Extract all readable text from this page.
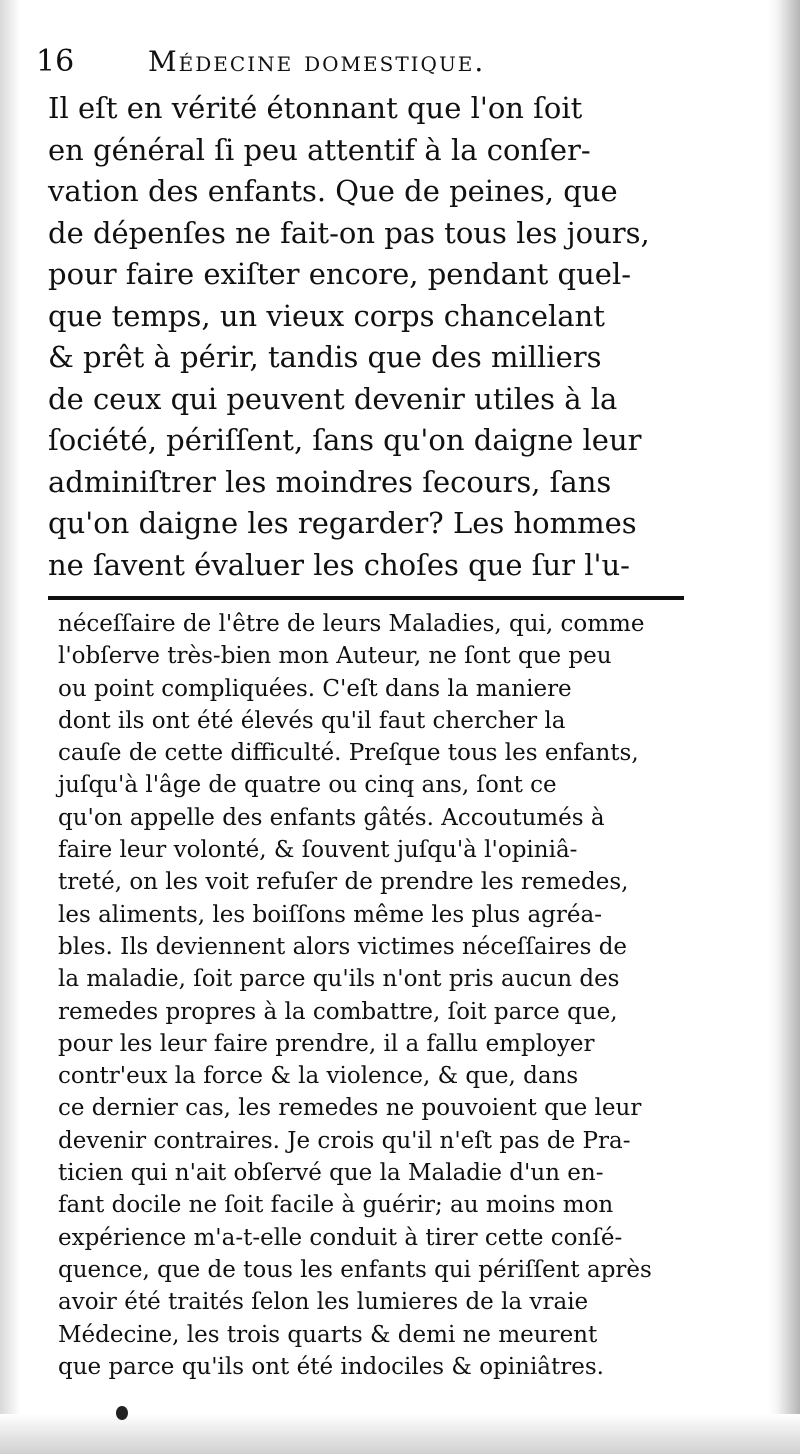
16	Médecine domestique.
Il eſt en vérité étonnant que l'on ſoit
en général ſi peu attentif à la conſer-
vation des enfants. Que de peines, que
de dépenſes ne fait-on pas tous les jours,
pour faire exiſter encore, pendant quel-
que temps, un vieux corps chancelant
& prêt à périr, tandis que des milliers
de ceux qui peuvent devenir utiles à la
ſociété, périſſent, ſans qu'on daigne leur
adminiſtrer les moindres ſecours, ſans
qu'on daigne les regarder? Les hommes
ne ſavent évaluer les choſes que ſur l'u-
néceſſaire de l'être de leurs Maladies, qui, comme
l'obſerve très-bien mon Auteur, ne ſont que peu
ou point compliquées. C'eſt dans la maniere
dont ils ont été élevés qu'il faut chercher la
cauſe de cette difficulté. Preſque tous les enfants,
juſqu'à l'âge de quatre ou cinq ans, ſont ce
qu'on appelle des enfants gâtés. Accoutumés à
faire leur volonté, & ſouvent juſqu'à l'opiniâ-
treté, on les voit refuſer de prendre les remedes,
les aliments, les boiſſons même les plus agréa-
bles. Ils deviennent alors victimes néceſſaires de
la maladie, ſoit parce qu'ils n'ont pris aucun des
remedes propres à la combattre, ſoit parce que,
pour les leur faire prendre, il a fallu employer
contr'eux la force & la violence, & que, dans
ce dernier cas, les remedes ne pouvoient que leur
devenir contraires. Je crois qu'il n'eſt pas de Pra-
ticien qui n'ait obſervé que la Maladie d'un en-
fant docile ne ſoit facile à guérir; au moins mon
expérience m'a-t-elle conduit à tirer cette conſé-
quence, que de tous les enfants qui périſſent après
avoir été traités ſelon les lumieres de la vraie
Médecine, les trois quarts & demi ne meurent
que parce qu'ils ont été indociles & opiniâtres.
